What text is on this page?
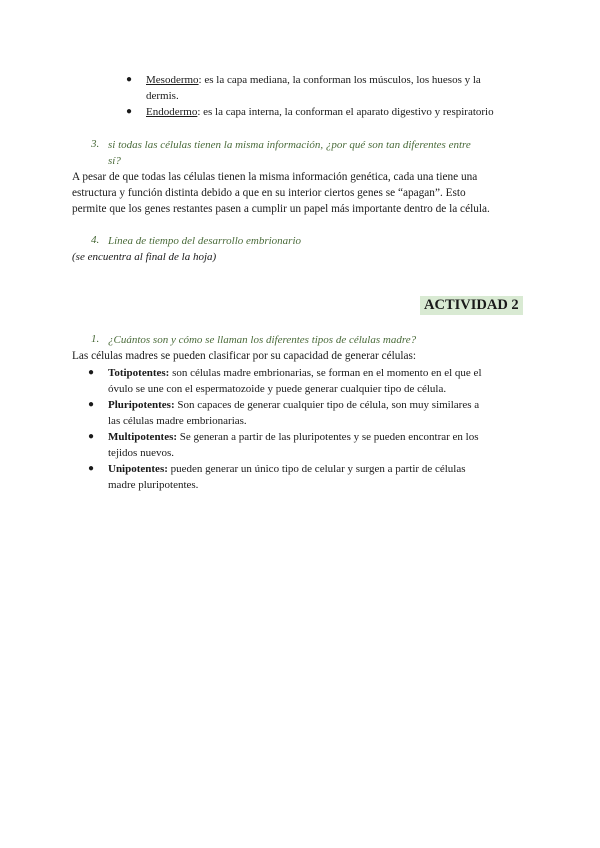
● Mesodermo: es la capa mediana, la conforman los músculos, los huesos y la
dermis.
● Endodermo: es la capa interna, la conforman el aparato digestivo y respiratorio
3. si todas las células tienen la misma información, ¿por qué son tan diferentes entre
sí?
A pesar de que todas las células tienen la misma información genética, cada una tiene una
estructura y función distinta debido a que en su interior ciertos genes se “apagan”. Esto
permite que los genes restantes pasen a cumplir un papel más importante dentro de la célula.
4. Línea de tiempo del desarrollo embrionario
(se encuentra al final de la hoja)
ACTIVIDAD 2
1. ¿Cuántos son y cómo se llaman los diferentes tipos de células madre?
Las células madres se pueden clasificar por su capacidad de generar células:
● Totipotentes: son células madre embrionarias, se forman en el momento en el que el
óvulo se une con el espermatozoide y puede generar cualquier tipo de célula.
● Pluripotentes: Son capaces de generar cualquier tipo de célula, son muy similares a
las células madre embrionarias.
● Multipotentes: Se generan a partir de las pluripotentes y se pueden encontrar en los
tejidos nuevos.
● Unipotentes: pueden generar un único tipo de celular y surgen a partir de células
madre pluripotentes.
